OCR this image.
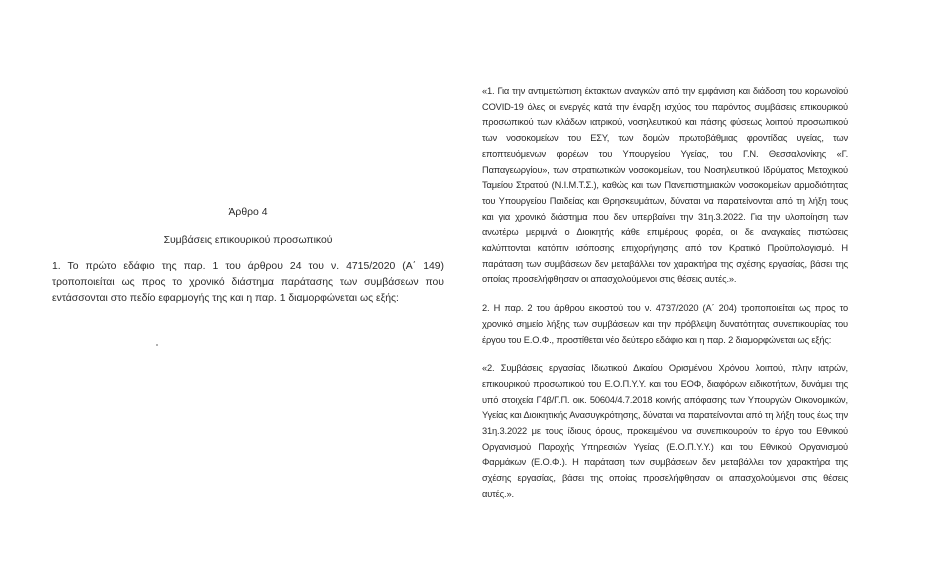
Άρθρο 4

Συμβάσεις επικουρικού προσωπικού

1. Το πρώτο εδάφιο της παρ. 1 του άρθρου 24 του ν. 4715/2020 (Α΄ 149) τροποποιείται ως προς το χρονικό διάστημα παράτασης των συμβάσεων που εντάσσονται στο πεδίο εφαρμογής της και η παρ. 1 διαμορφώνεται ως εξής:

«1. Για την αντιμετώπιση έκτακτων αναγκών από την εμφάνιση και διάδοση του κορωνοϊού COVID-19 όλες οι ενεργές κατά την έναρξη ισχύος του παρόντος συμβάσεις επικουρικού προσωπικού των κλάδων ιατρικού, νοσηλευτικού και πάσης φύσεως λοιπού προσωπικού των νοσοκομείων του ΕΣΥ, των δομών πρωτοβάθμιας φροντίδας υγείας, των εποπτευόμενων φορέων του Υπουργείου Υγείας, του Γ.Ν. Θεσσαλονίκης «Γ. Παπαγεωργίου», των στρατιωτικών νοσοκομείων, του Νοσηλευτικού Ιδρύματος Μετοχικού Ταμείου Στρατού (Ν.Ι.Μ.Τ.Σ.), καθώς και των Πανεπιστημιακών νοσοκομείων αρμοδιότητας του Υπουργείου Παιδείας και Θρησκευμάτων, δύναται να παρατείνονται από τη λήξη τους και για χρονικό διάστημα που δεν υπερβαίνει την 31η.3.2022. Για την υλοποίηση των ανωτέρω μεριμνά ο Διοικητής κάθε επιμέρους φορέα, οι δε αναγκαίες πιστώσεις καλύπτονται κατόπιν ισόποσης επιχορήγησης από τον Κρατικό Προϋπολογισμό. Η παράταση των συμβάσεων δεν μεταβάλλει τον χαρακτήρα της σχέσης εργασίας, βάσει της οποίας προσελήφθησαν οι απασχολούμενοι στις θέσεις αυτές.».

2. Η παρ. 2 του άρθρου εικοστού του ν. 4737/2020 (Α΄ 204) τροποποιείται ως προς το χρονικό σημείο λήξης των συμβάσεων και την πρόβλεψη δυνατότητας συνεπικουρίας του έργου του Ε.Ο.Φ., προστίθεται νέο δεύτερο εδάφιο και η παρ. 2 διαμορφώνεται ως εξής:

«2. Συμβάσεις εργασίας Ιδιωτικού Δικαίου Ορισμένου Χρόνου λοιπού, πλην ιατρών, επικουρικού προσωπικού του Ε.Ο.Π.Υ.Υ. και του ΕΟΦ, διαφόρων ειδικοτήτων, δυνάμει της υπό στοιχεία Γ4β/Γ.Π. οικ. 50604/4.7.2018 κοινής απόφασης των Υπουργών Οικονομικών, Υγείας και Διοικητικής Ανασυγκρότησης, δύναται να παρατείνονται από τη λήξη τους έως την 31η.3.2022 με τους ίδιους όρους, προκειμένου να συνεπικουρούν το έργο του Εθνικού Οργανισμού Παροχής Υπηρεσιών Υγείας (Ε.Ο.Π.Υ.Υ.) και του Εθνικού Οργανισμού Φαρμάκων (Ε.Ο.Φ.). Η παράταση των συμβάσεων δεν μεταβάλλει τον χαρακτήρα της σχέσης εργασίας, βάσει της οποίας προσελήφθησαν οι απασχολούμενοι στις θέσεις αυτές.».
